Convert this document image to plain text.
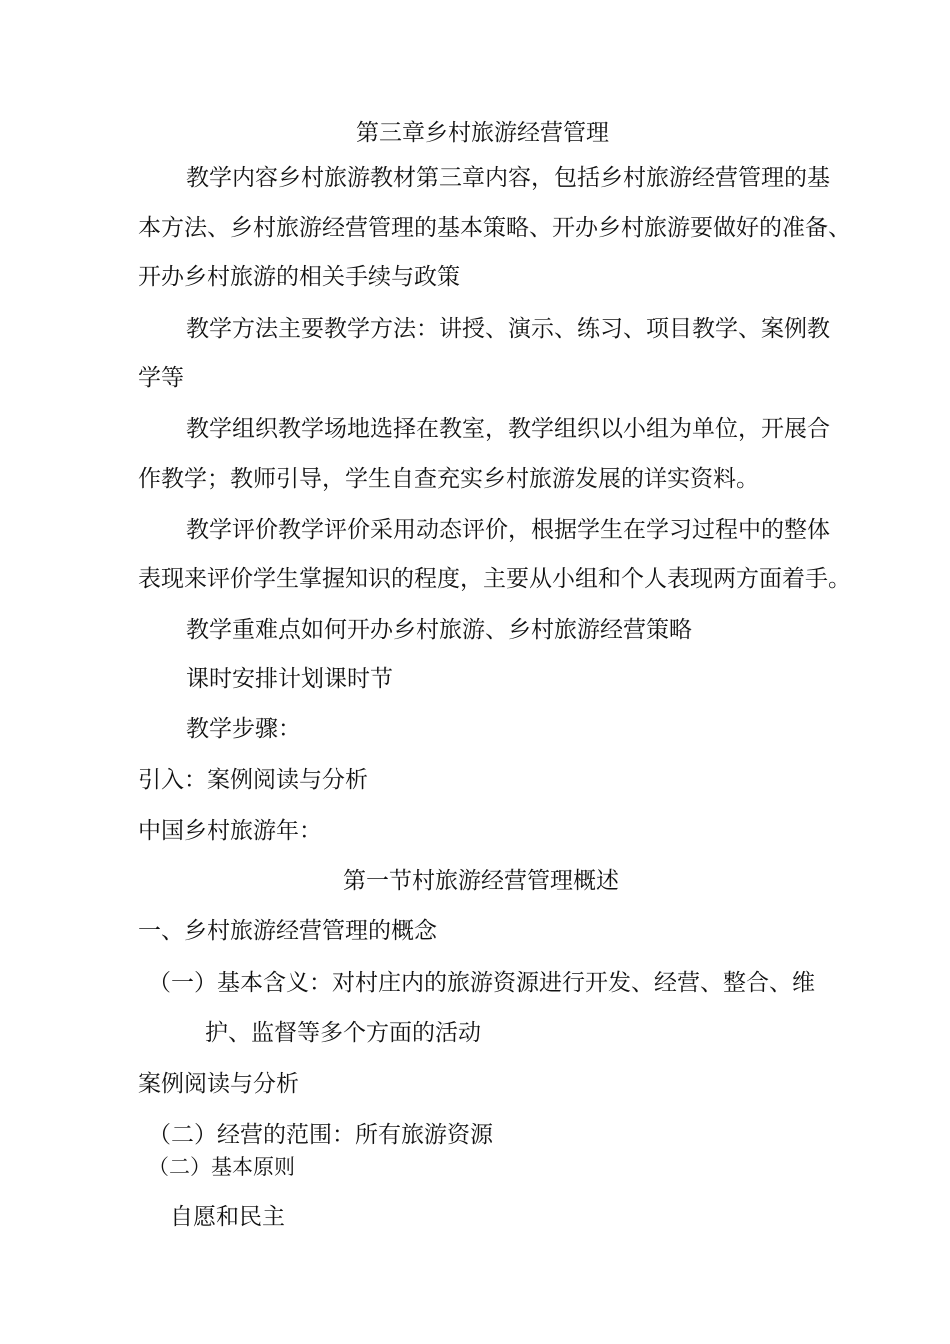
第三章乡村旅游经营管理
教学内容乡村旅游教材第三章内容，包括乡村旅游经营管理的基
本方法、乡村旅游经营管理的基本策略、开办乡村旅游要做好的准备、
开办乡村旅游的相关手续与政策
教学方法主要教学方法：讲授、演示、练习、项目教学、案例教
学等
教学组织教学场地选择在教室，教学组织以小组为单位，开展合
作教学；教师引导，学生自查充实乡村旅游发展的详实资料。
教学评价教学评价采用动态评价，根据学生在学习过程中的整体
表现来评价学生掌握知识的程度，主要从小组和个人表现两方面着手。
教学重难点如何开办乡村旅游、乡村旅游经营策略
课时安排计划课时节
教学步骤：
引入：案例阅读与分析
中国乡村旅游年：
第一节村旅游经营管理概述
一、乡村旅游经营管理的概念
（一）基本含义：对村庄内的旅游资源进行开发、经营、整合、维
护、监督等多个方面的活动
案例阅读与分析
（二）经营的范围：所有旅游资源
（二）基本原则
自愿和民主
